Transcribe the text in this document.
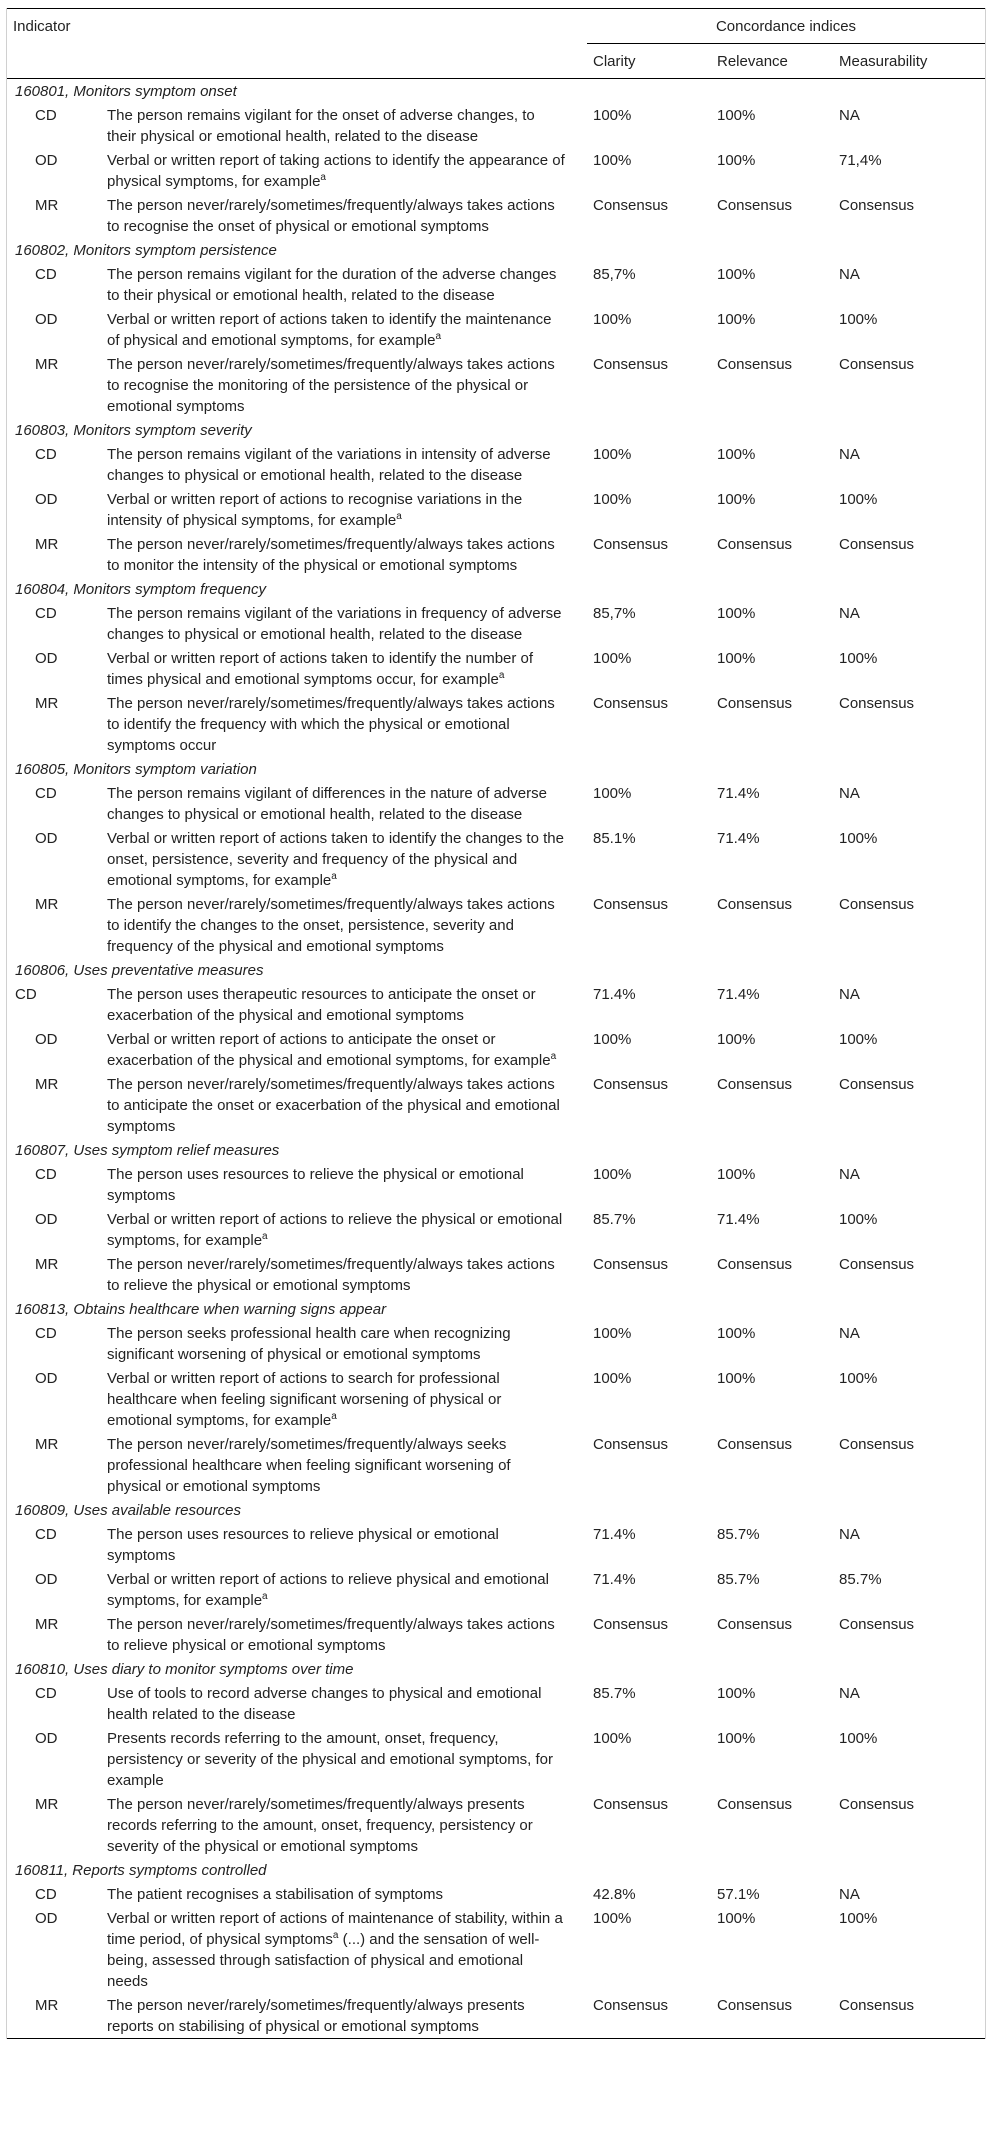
Indicator		Concordance indices		
		Clarity	Relevance	Measurability
160801, Monitors symptom onset				
CD	The person remains vigilant for the onset of adverse changes, to their physical or emotional health, related to the disease	100%	100%	NA
OD	Verbal or written report of taking actions to identify the appearance of physical symptoms, for example$^a$	100%	100%	71,4%
MR	The person never/rarely/sometimes/frequently/always takes actions to recognise the onset of physical or emotional symptoms	Consensus	Consensus	Consensus
160802, Monitors symptom persistence				
CD	The person remains vigilant for the duration of the adverse changes to their physical or emotional health, related to the disease	85,7%	100%	NA
OD	Verbal or written report of actions taken to identify the maintenance of physical and emotional symptoms, for example$^a$	100%	100%	100%
MR	The person never/rarely/sometimes/frequently/always takes actions to recognise the monitoring of the persistence of the physical or emotional symptoms	Consensus	Consensus	Consensus
160803, Monitors symptom severity				
CD	The person remains vigilant of the variations in intensity of adverse changes to physical or emotional health, related to the disease	100%	100%	NA
OD	Verbal or written report of actions to recognise variations in the intensity of physical symptoms, for example$^a$	100%	100%	100%
MR	The person never/rarely/sometimes/frequently/always takes actions to monitor the intensity of the physical or emotional symptoms	Consensus	Consensus	Consensus
160804, Monitors symptom frequency				
CD	The person remains vigilant of the variations in frequency of adverse changes to physical or emotional health, related to the disease	85,7%	100%	NA
OD	Verbal or written report of actions taken to identify the number of times physical and emotional symptoms occur, for example$^a$	100%	100%	100%
MR	The person never/rarely/sometimes/frequently/always takes actions to identify the frequency with which the physical or emotional symptoms occur	Consensus	Consensus	Consensus
160805, Monitors symptom variation				
CD	The person remains vigilant of differences in the nature of adverse changes to physical or emotional health, related to the disease	100%	71.4%	NA
OD	Verbal or written report of actions taken to identify the changes to the onset, persistence, severity and frequency of the physical and emotional symptoms, for example$^a$	85.1%	71.4%	100%
MR	The person never/rarely/sometimes/frequently/always takes actions to identify the changes to the onset, persistence, severity and frequency of the physical and emotional symptoms	Consensus	Consensus	Consensus
160806, Uses preventative measures				
CD	The person uses therapeutic resources to anticipate the onset or exacerbation of the physical and emotional symptoms	71.4%	71.4%	NA
OD	Verbal or written report of actions to anticipate the onset or exacerbation of the physical and emotional symptoms, for example$^a$	100%	100%	100%
MR	The person never/rarely/sometimes/frequently/always takes actions to anticipate the onset or exacerbation of the physical and emotional symptoms	Consensus	Consensus	Consensus
160807, Uses symptom relief measures				
CD	The person uses resources to relieve the physical or emotional symptoms	100%	100%	NA
OD	Verbal or written report of actions to relieve the physical or emotional symptoms, for example$^a$	85.7%	71.4%	100%
MR	The person never/rarely/sometimes/frequently/always takes actions to relieve the physical or emotional symptoms	Consensus	Consensus	Consensus
160813, Obtains healthcare when warning signs appear				
CD	The person seeks professional health care when recognizing significant worsening of physical or emotional symptoms	100%	100%	NA
OD	Verbal or written report of actions to search for professional healthcare when feeling significant worsening of physical or emotional symptoms, for example$^a$	100%	100%	100%
MR	The person never/rarely/sometimes/frequently/always seeks professional healthcare when feeling significant worsening of physical or emotional symptoms	Consensus	Consensus	Consensus
160809, Uses available resources				
CD	The person uses resources to relieve physical or emotional symptoms	71.4%	85.7%	NA
OD	Verbal or written report of actions to relieve physical and emotional symptoms, for example$^a$	71.4%	85.7%	85.7%
MR	The person never/rarely/sometimes/frequently/always takes actions to relieve physical or emotional symptoms	Consensus	Consensus	Consensus
160810, Uses diary to monitor symptoms over time				
CD	Use of tools to record adverse changes to physical and emotional health related to the disease	85.7%	100%	NA
OD	Presents records referring to the amount, onset, frequency, persistency or severity of the physical and emotional symptoms, for example	100%	100%	100%
MR	The person never/rarely/sometimes/frequently/always presents records referring to the amount, onset, frequency, persistency or severity of the physical or emotional symptoms	Consensus	Consensus	Consensus
160811, Reports symptoms controlled				
CD	The patient recognises a stabilisation of symptoms	42.8%	57.1%	NA
OD	Verbal or written report of actions of maintenance of stability, within a time period, of physical symptoms$^a$ (...) and the sensation of well-being, assessed through satisfaction of physical and emotional needs	100%	100%	100%
MR	The person never/rarely/sometimes/frequently/always presents reports on stabilising of physical or emotional symptoms	Consensus	Consensus	Consensus
